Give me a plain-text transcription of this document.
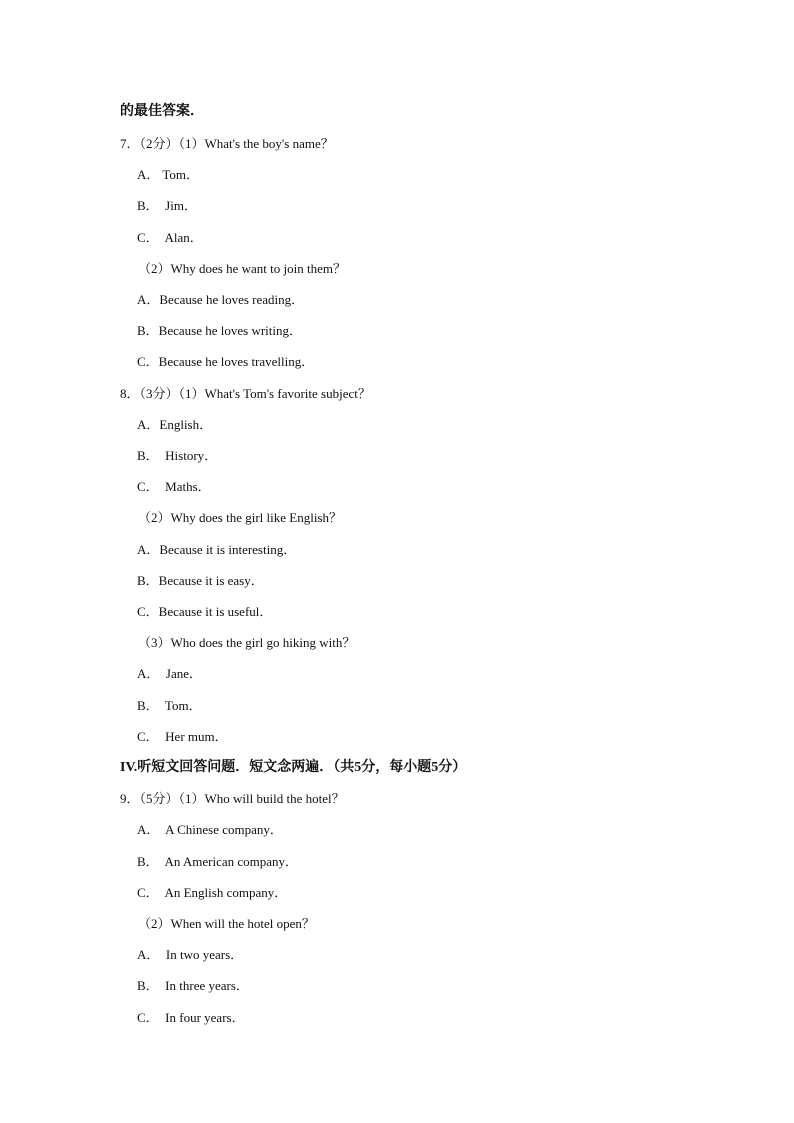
的最佳答案．
7．（2分）（1）What's the boy's name？
A． Tom．
B．  Jim．
C．  Alan．
（2）Why does he want to join them？
A．Because he loves reading．
B．Because he loves writing．
C．Because he loves travelling．
8．（3分）（1）What's Tom's favorite subject？
A．English．
B．  History．
C．  Maths．
（2）Why does the girl like English？
A．Because it is interesting．
B．Because it is easy．
C．Because it is useful．
（3）Who does the girl go hiking with？
A．  Jane．
B．  Tom．
C．  Her mum．
IV.听短文回答问题．短文念两遍．（共5分，每小题5分）
9．（5分）（1）Who will build the hotel？
A．  A Chinese company．
B．  An American company．
C．  An English company．
（2）When will the hotel open？
A．  In two years．
B．  In three years．
C．  In four years．
